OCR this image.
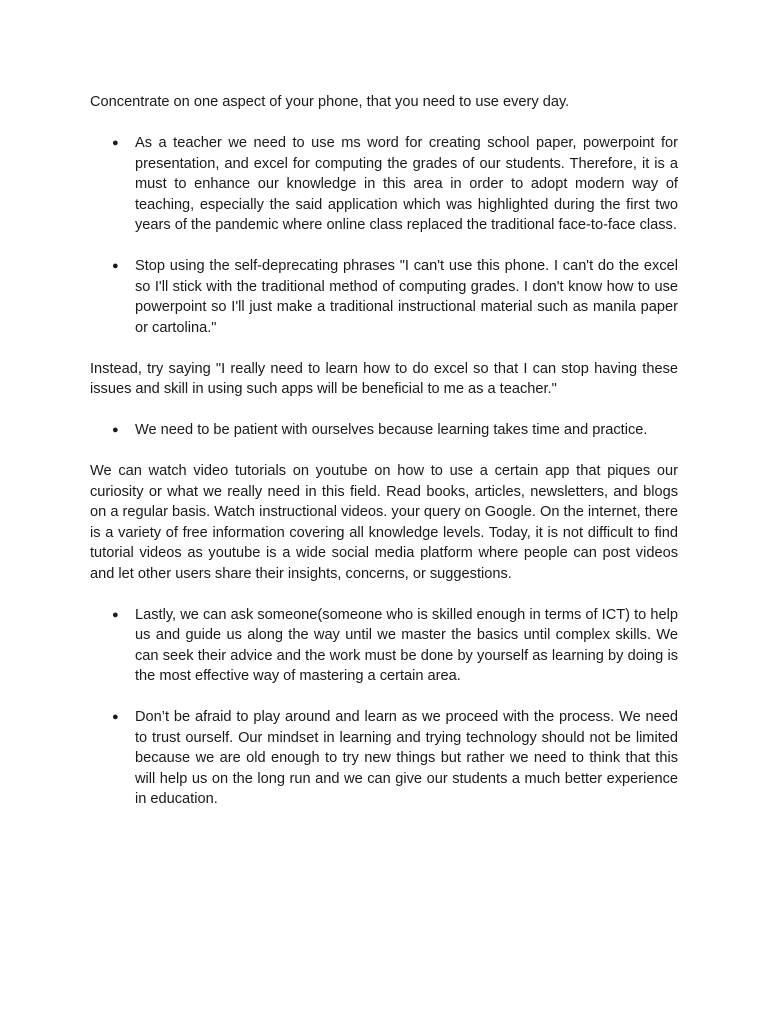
Concentrate on one aspect of your phone, that you need to use every day.

● As a teacher we need to use ms word for creating school paper, powerpoint for presentation, and excel for computing the grades of our students. Therefore, it is a must to enhance our knowledge in this area in order to adopt modern way of teaching, especially the said application which was highlighted during the first two years of the pandemic where online class replaced the traditional face-to-face class.
● Stop using the self-deprecating phrases "I can't use this phone. I can't do the excel so I'll stick with the traditional method of computing grades. I don't know how to use powerpoint so I'll just make a traditional instructional material such as manila paper or cartolina."

Instead, try saying "I really need to learn how to do excel so that I can stop having these issues and skill in using such apps will be beneficial to me as a teacher."

● We need to be patient with ourselves because learning takes time and practice.

We can watch video tutorials on youtube on how to use a certain app that piques our curiosity or what we really need in this field. Read books, articles, newsletters, and blogs on a regular basis. Watch instructional videos. your query on Google. On the internet, there is a variety of free information covering all knowledge levels. Today, it is not difficult to find tutorial videos as youtube is a wide social media platform where people can post videos and let other users share their insights, concerns, or suggestions.

● Lastly, we can ask someone(someone who is skilled enough in terms of ICT) to help us and guide us along the way until we master the basics until complex skills. We can seek their advice and the work must be done by yourself as learning by doing is the most effective way of mastering a certain area.
● Don’t be afraid to play around and learn as we proceed with the process. We need to trust ourself. Our mindset in learning and trying technology should not be limited because we are old enough to try new things but rather we need to think that this will help us on the long run and we can give our students a much better experience in education.
